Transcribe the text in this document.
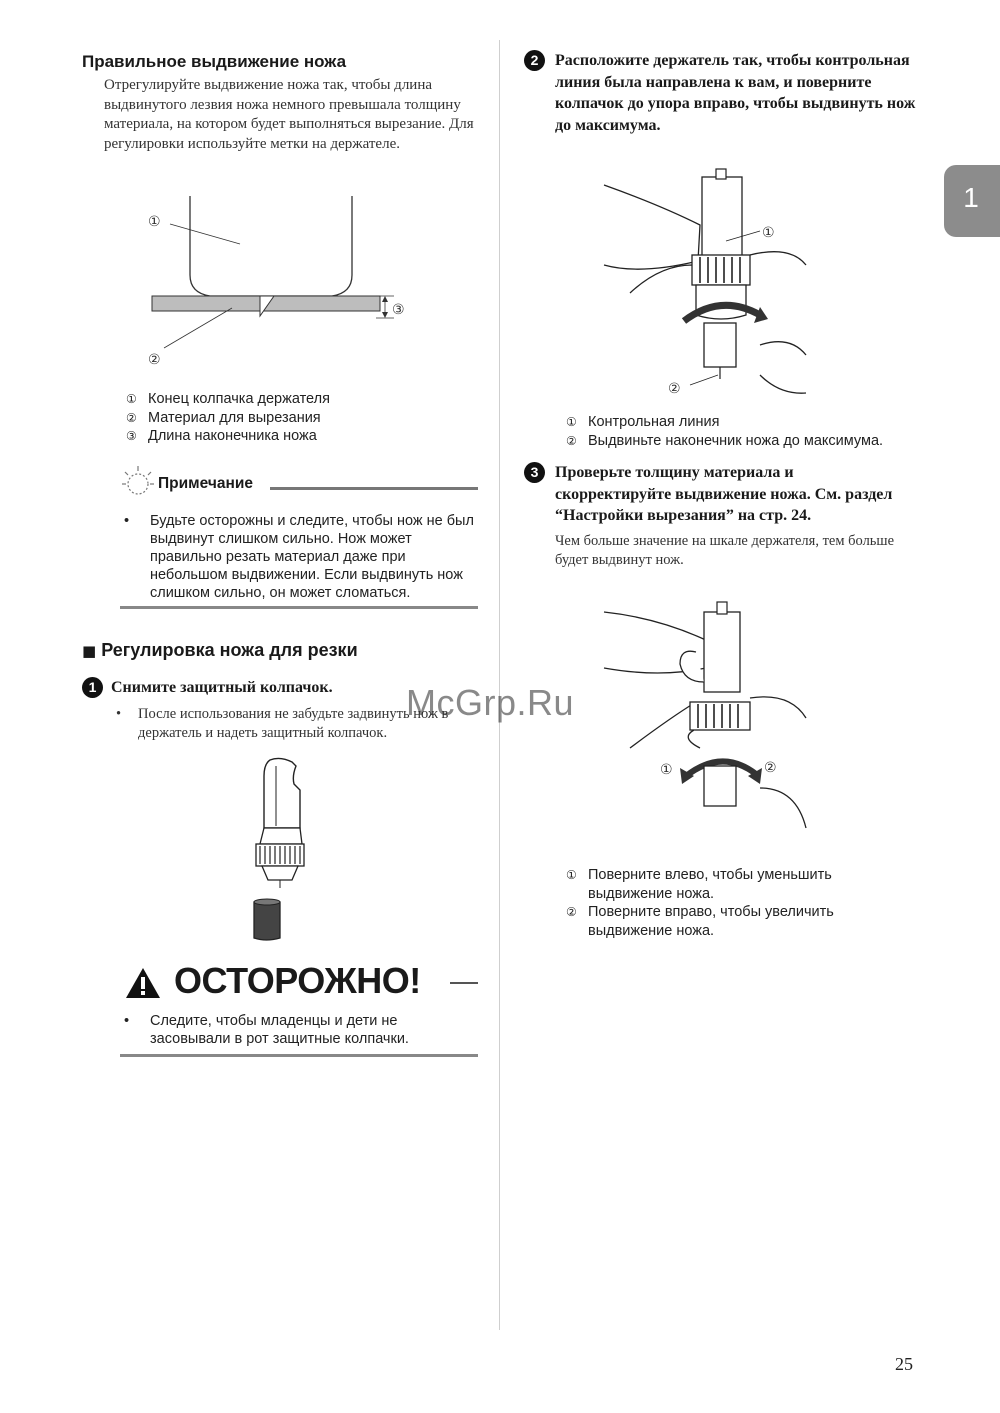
1
Правильное выдвижение ножа
Отрегулируйте выдвижение ножа так, чтобы длина выдвинутого лезвия ножа немного превышала толщину материала, на котором будет выполняться вырезание. Для регулировки используйте метки на держателе.
①
②
③
① Конец колпачка держателя
② Материал для вырезания
③ Длина наконечника ножа
Примечание
•	Будьте осторожны и следите, чтобы нож не был выдвинут слишком сильно. Нож может правильно резать материал даже при небольшом выдвижении. Если выдвинуть нож слишком сильно, он может сломаться.
■ Регулировка ножа для резки
1 Снимите защитный колпачок.
•	После использования не забудьте задвинуть нож в держатель и надеть защитный колпачок.
ОСТОРОЖНО!
•	Следите, чтобы младенцы и дети не засовывали в рот защитные колпачки.
2	Расположите держатель так, чтобы контрольная линия была направлена к вам, и поверните колпачок до упора вправо, чтобы выдвинуть нож до максимума.
①
②
① Контрольная линия
② Выдвиньте наконечник ножа до максимума.
3	Проверьте толщину материала и скорректируйте выдвижение ножа. См. раздел “Настройки вырезания” на стр. 24.
Чем больше значение на шкале держателя, тем больше будет выдвинут нож.
①	②
① Поверните влево, чтобы уменьшить выдвижение ножа.
② Поверните вправо, чтобы увеличить выдвижение ножа.
McGrp.Ru
25
